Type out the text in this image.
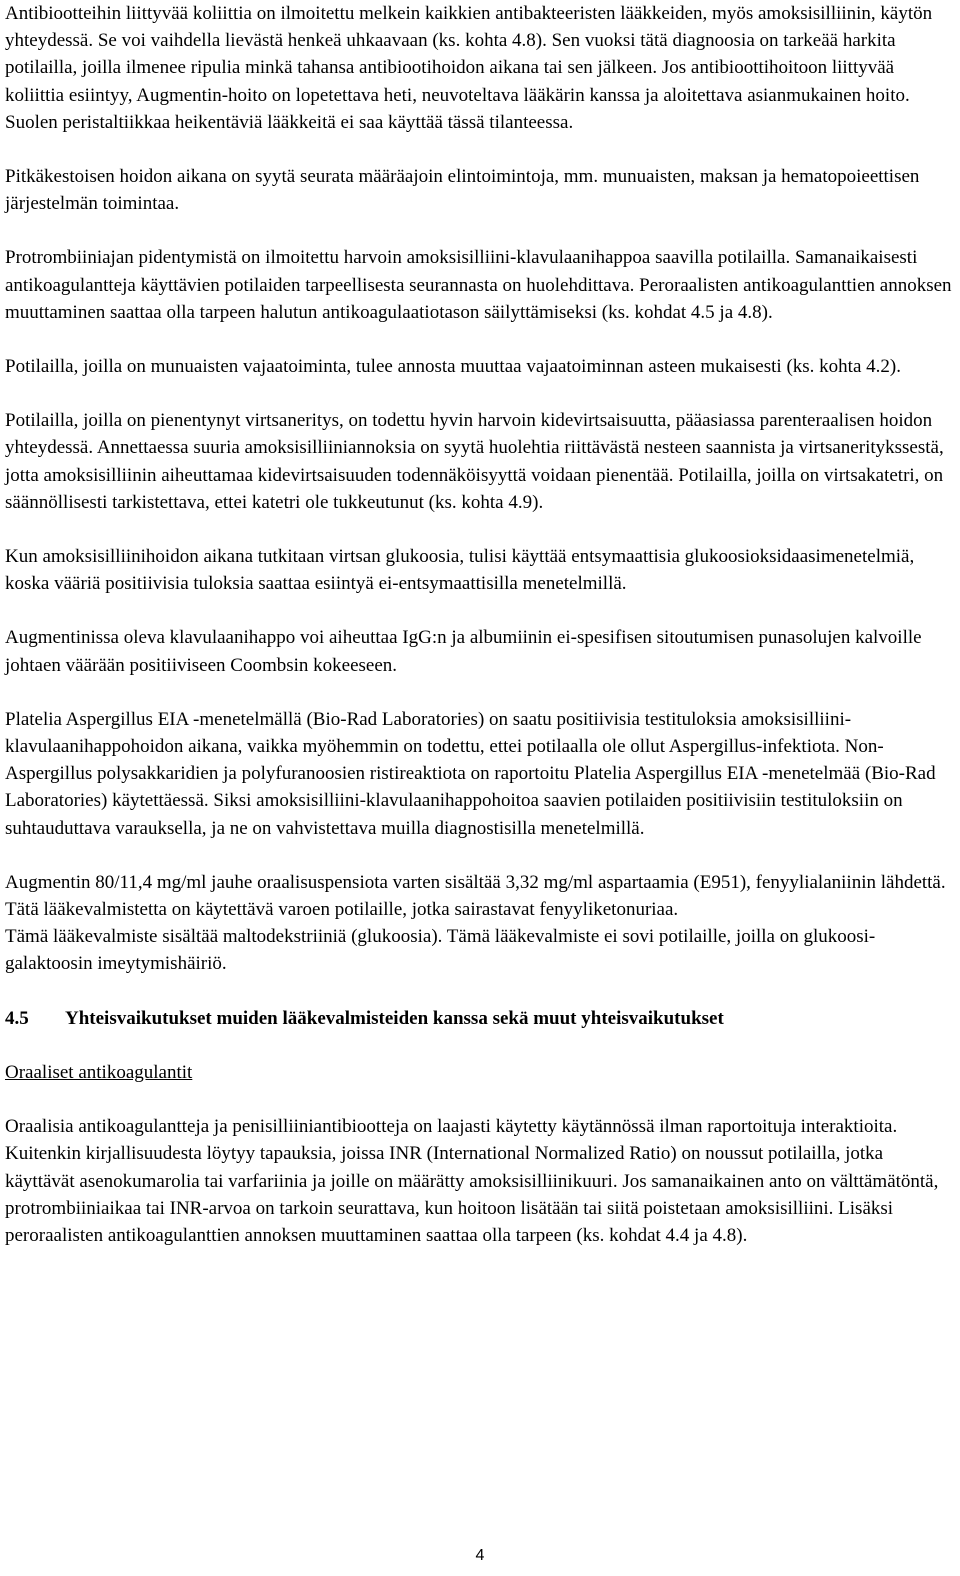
Antibiootteihin liittyvää koliittia on ilmoitettu melkein kaikkien antibakteeristen lääkkeiden, myös amoksisilliinin, käytön yhteydessä. Se voi vaihdella lievästä henkeä uhkaavaan (ks. kohta 4.8). Sen vuoksi tätä diagnoosia on tarkeää harkita potilailla, joilla ilmenee ripulia minkä tahansa antibiootihoidon aikana tai sen jälkeen. Jos antibioottihoitoon liittyvää koliittia esiintyy, Augmentin-hoito on lopetettava heti, neuvoteltava lääkärin kanssa ja aloitettava asianmukainen hoito. Suolen peristaltiikkaa heikentäviä lääkkeitä ei saa käyttää tässä tilanteessa.

Pitkäkestoisen hoidon aikana on syytä seurata määräajoin elintoimintoja, mm. munuaisten, maksan ja hematopoieettisen järjestelmän toimintaa.

Protrombiiniajan pidentymistä on ilmoitettu harvoin amoksisilliini-klavulaanihappoa saavilla potilailla. Samanaikaisesti antikoagulantteja käyttävien potilaiden tarpeellisesta seurannasta on huolehdittava. Peroraalisten antikoagulanttien annoksen muuttaminen saattaa olla tarpeen halutun antikoagulaatiotason säilyttämiseksi (ks. kohdat 4.5 ja 4.8).

Potilailla, joilla on munuaisten vajaatoiminta, tulee annosta muuttaa vajaatoiminnan asteen mukaisesti (ks. kohta 4.2).

Potilailla, joilla on pienentynyt virtsaneritys, on todettu hyvin harvoin kidevirtsaisuutta, pääasiassa parenteraalisen hoidon yhteydessä. Annettaessa suuria amoksisilliiniannoksia on syytä huolehtia riittävästä nesteen saannista ja virtsaneritykssestä, jotta amoksisilliinin aiheuttamaa kidevirtsaisuuden todennäköisyyttä voidaan pienentää. Potilailla, joilla on virtsakatetri, on säännöllisesti tarkistettava, ettei katetri ole tukkeutunut (ks. kohta 4.9).

Kun amoksisilliinihoidon aikana tutkitaan virtsan glukoosia, tulisi käyttää entsymaattisia glukoosioksidaasimenetelmiä, koska vääriä positiivisia tuloksia saattaa esiintyä ei-entsymaattisilla menetelmillä.

Augmentinissa oleva klavulaanihappo voi aiheuttaa IgG:n ja albumiinin ei-spesifisen sitoutumisen punasolujen kalvoille johtaen väärään positiiviseen Coombsin kokeeseen.

Platelia Aspergillus EIA -menetelmällä (Bio-Rad Laboratories) on saatu positiivisia testituloksia amoksisilliini-klavulaanihappohoidon aikana, vaikka myöhemmin on todettu, ettei potilaalla ole ollut Aspergillus-infektiota. Non-Aspergillus polysakkaridien ja polyfuranoosien ristireaktiota on raportoitu Platelia Aspergillus EIA -menetelmää (Bio-Rad Laboratories) käytettäessä. Siksi amoksisilliini-klavulaanihappohoitoa saavien potilaiden positiivisiin testituloksiin on suhtauduttava varauksella, ja ne on vahvistettava muilla diagnostisilla menetelmillä.

Augmentin 80/11,4 mg/ml jauhe oraalisuspensiota varten sisältää 3,32 mg/ml aspartaamia (E951), fenyylialaniinin lähdettä. Tätä lääkevalmistetta on käytettävä varoen potilaille, jotka sairastavat fenyyliketonuriaa.

Tämä lääkevalmiste sisältää maltodekstriiniä (glukoosia). Tämä lääkevalmiste ei sovi potilaille, joilla on glukoosi-galaktoosin imeytymishäiriö.

4.5 Yhteisvaikutukset muiden lääkevalmisteiden kanssa sekä muut yhteisvaikutukset
Oraaliset antikoagulantit

Oraalisia antikoagulantteja ja penisilliiniantibiootteja on laajasti käytetty käytännössä ilman raportoituja interaktioita. Kuitenkin kirjallisuudesta löytyy tapauksia, joissa INR (International Normalized Ratio) on noussut potilailla, jotka käyttävät asenokumarolia tai varfariinia ja joille on määrätty amoksisilliinikuuri. Jos samanaikainen anto on välttämätöntä, protrombiiniaikaa tai INR-arvoa on tarkoin seurattava, kun hoitoon lisätään tai siitä poistetaan amoksisilliini. Lisäksi peroraalisten antikoagulanttien annoksen muuttaminen saattaa olla tarpeen (ks. kohdat 4.4 ja 4.8).

4
